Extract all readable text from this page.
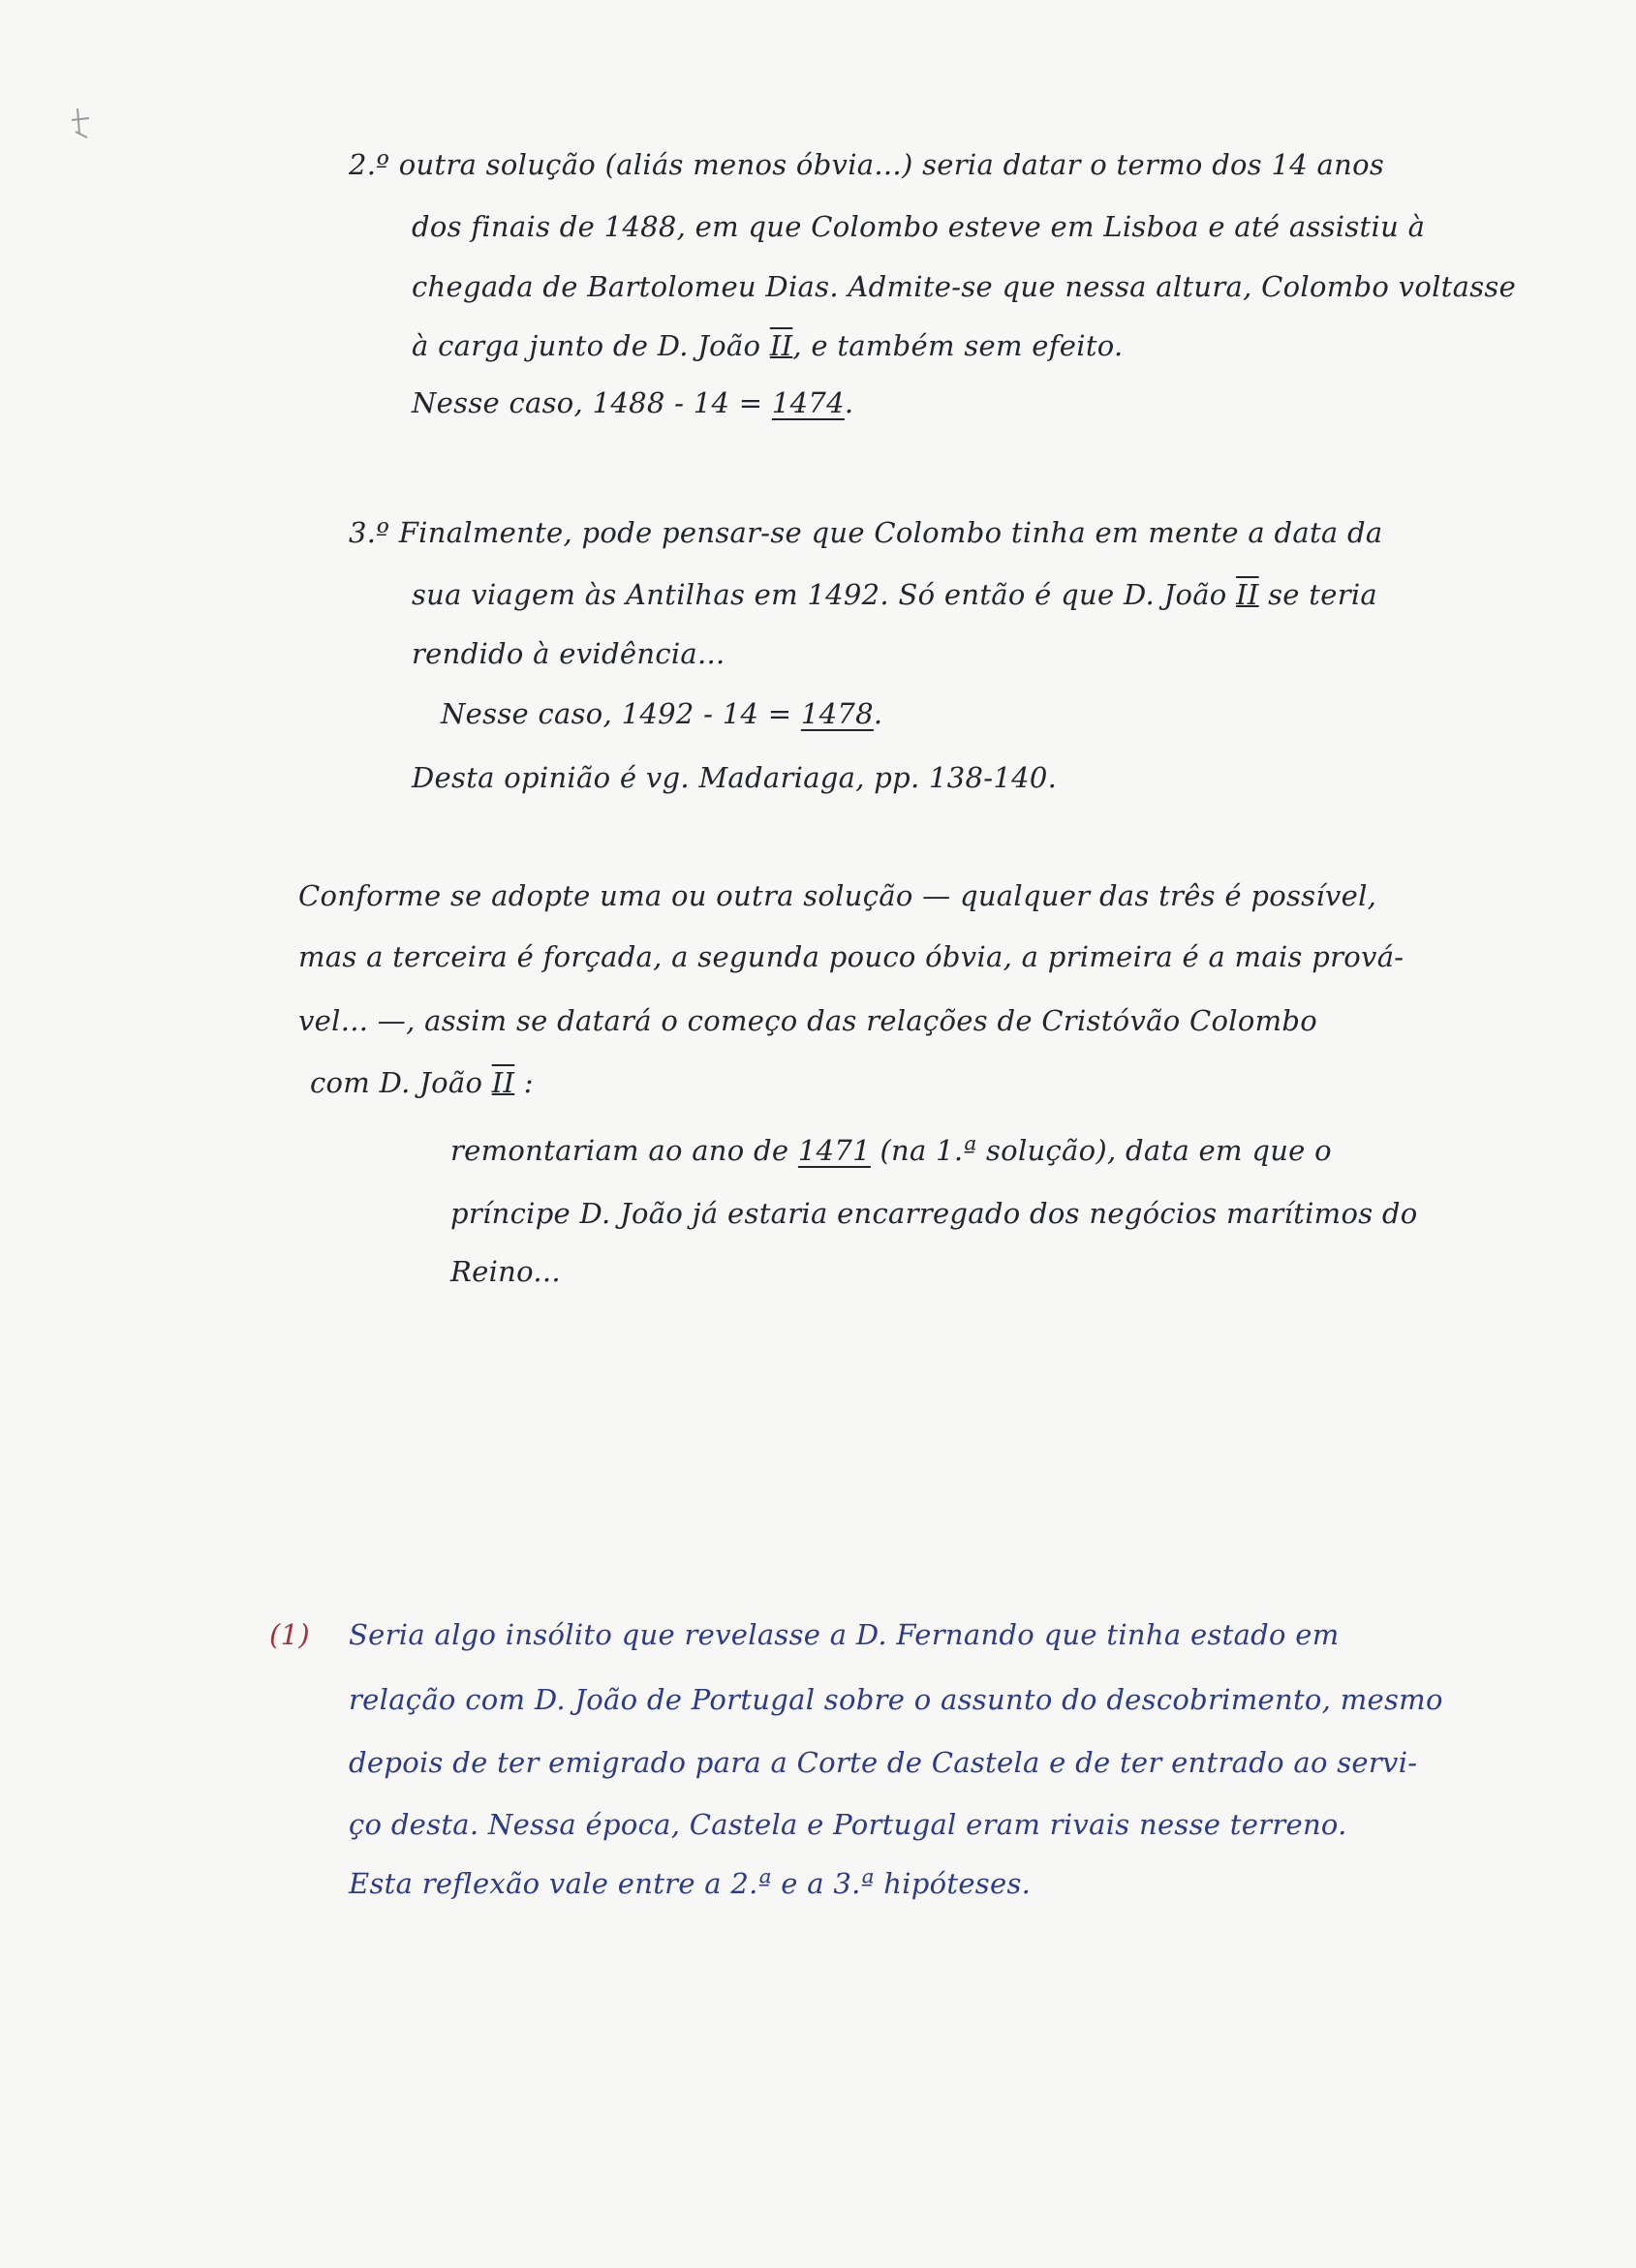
2.º outra solução (aliás menos óbvia...) seria datar o termo dos 14 anos
dos finais de 1488, em que Colombo esteve em Lisboa e até assistiu à
chegada de Bartolomeu Dias. Admite-se que nessa altura, Colombo voltasse
à carga junto de D. João II, e também sem efeito.
Nesse caso, 1488 - 14 = 1474.
3.º Finalmente, pode pensar-se que Colombo tinha em mente a data da
sua viagem às Antilhas em 1492. Só então é que D. João II se teria
rendido à evidência...
Nesse caso, 1492 - 14 = 1478.
Desta opinião é vg. Madariaga, pp. 138-140.
Conforme se adopte uma ou outra solução — qualquer das três é possível,
mas a terceira é forçada, a segunda pouco óbvia, a primeira é a mais prová-
vel... —, assim se datará o começo das relações de Cristóvão Colombo
com D. João II :
remontariam ao ano de 1471 (na 1.ª solução), data em que o
príncipe D. João já estaria encarregado dos negócios marítimos do
Reino...
(1) Seria algo insólito que revelasse a D. Fernando que tinha estado em
relação com D. João de Portugal sobre o assunto do descobrimento, mesmo
depois de ter emigrado para a Corte de Castela e de ter entrado ao servi-
ço desta. Nessa época, Castela e Portugal eram rivais nesse terreno.
Esta reflexão vale entre a 2.ª e a 3.ª hipóteses.
